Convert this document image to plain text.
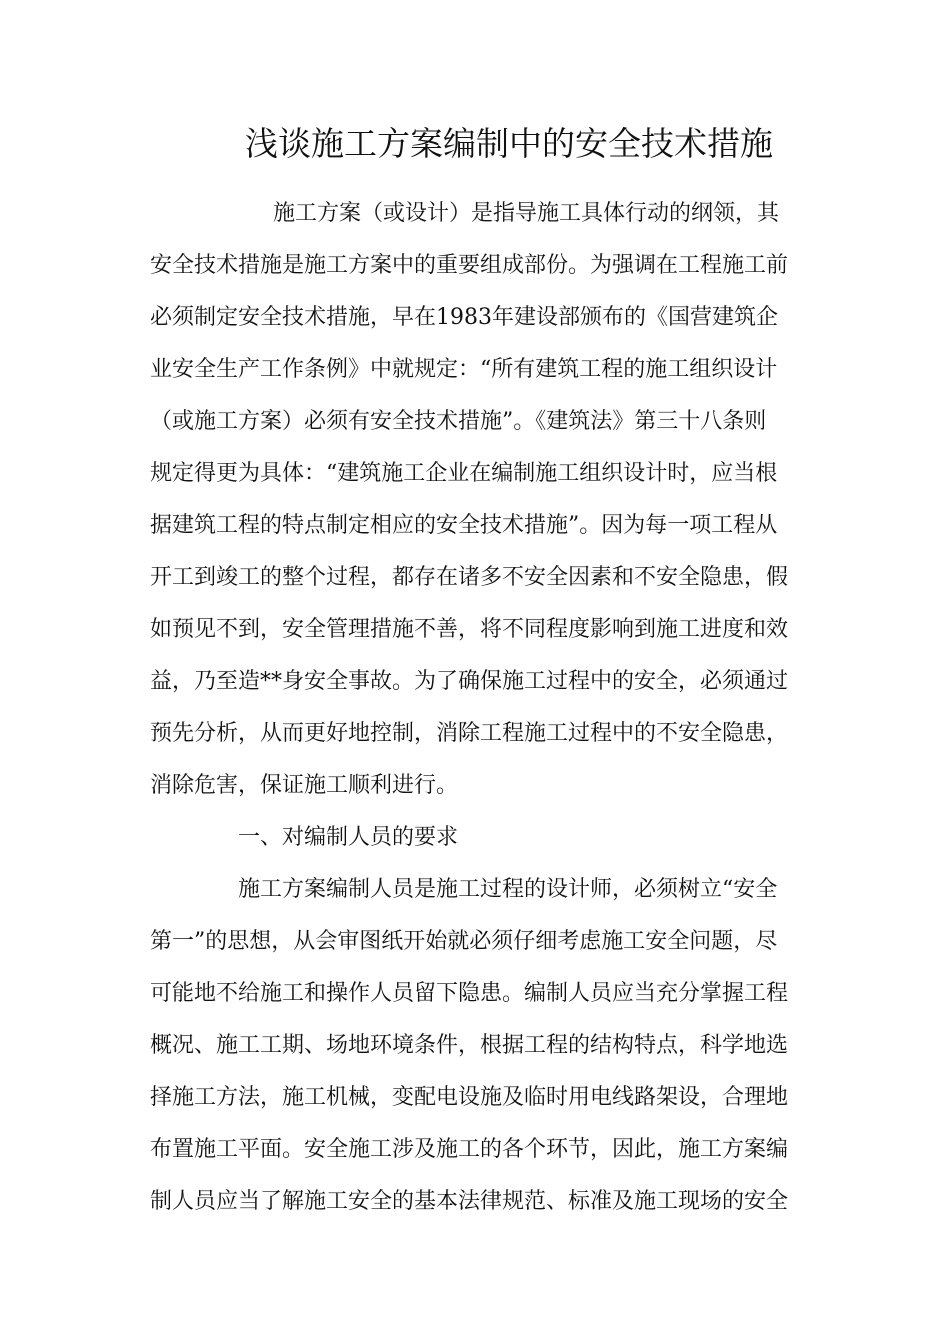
浅谈施工方案编制中的安全技术措施
施工方案（或设计）是指导施工具体行动的纲领，其
安全技术措施是施工方案中的重要组成部份。为强调在工程施工前
必须制定安全技术措施，早在1983年建设部颁布的《国营建筑企
业安全生产工作条例》中就规定：“所有建筑工程的施工组织设计
（或施工方案）必须有安全技术措施”。《建筑法》第三十八条则
规定得更为具体：“建筑施工企业在编制施工组织设计时，应当根
据建筑工程的特点制定相应的安全技术措施”。因为每一项工程从
开工到竣工的整个过程，都存在诸多不安全因素和不安全隐患，假
如预见不到，安全管理措施不善，将不同程度影响到施工进度和效
益，乃至造**身安全事故。为了确保施工过程中的安全，必须通过
预先分析，从而更好地控制，消除工程施工过程中的不安全隐患，
消除危害，保证施工顺利进行。
一、对编制人员的要求
施工方案编制人员是施工过程的设计师，必须树立“安全
第一”的思想，从会审图纸开始就必须仔细考虑施工安全问题，尽
可能地不给施工和操作人员留下隐患。编制人员应当充分掌握工程
概况、施工工期、场地环境条件，根据工程的结构特点，科学地选
择施工方法，施工机械，变配电设施及临时用电线路架设，合理地
布置施工平面。安全施工涉及施工的各个环节，因此，施工方案编
制人员应当了解施工安全的基本法律规范、标准及施工现场的安全
